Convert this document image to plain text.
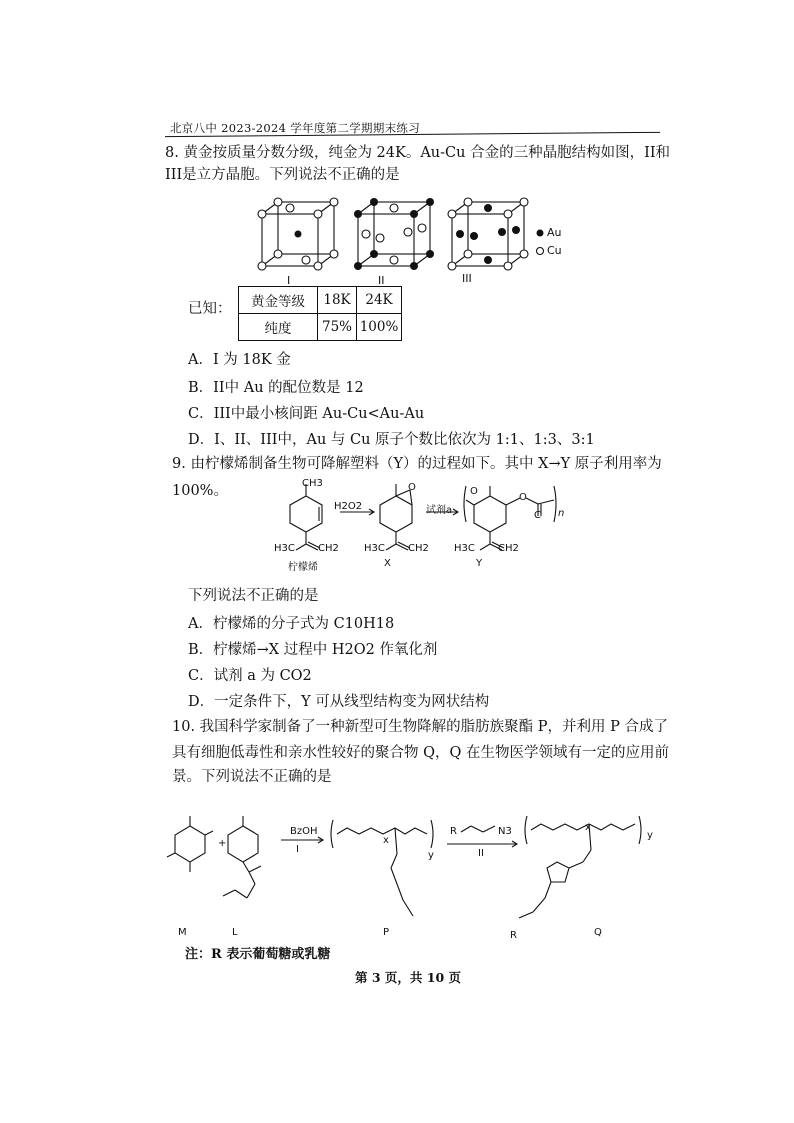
北京八中 2023-2024 学年度第二学期期末练习
8. 黄金按质量分数分级，纯金为 24K。Au-Cu 合金的三种晶胞结构如图，II和
III是立方晶胞。下列说法不正确的是
Au
Cu
I	II	III
已知： 黄金等级	18K	24K
纯度	75%	100%
A．I 为 18K 金
B．II中 Au 的配位数是 12
C．III中最小核间距 Au-Cu<Au-Au
D．I、II、III中，Au 与 Cu 原子个数比依次为 1:1、1:3、3:1
9. 由柠檬烯制备生物可降解塑料（Y）的过程如下。其中 X→Y 原子利用率为
100%。	CH3
H2O2
O
试剂a
O
O
C n
H3C CH2	H3C CH2	H3C CH2
柠檬烯	X	Y
下列说法不正确的是
A．柠檬烯的分子式为 C10H18
B．柠檬烯→X 过程中 H2O2 作氧化剂
C．试剂 a 为 CO2
D．一定条件下，Y 可从线型结构变为网状结构
10. 我国科学家制备了一种新型可生物降解的脂肪族聚酯 P，并利用 P 合成了
具有细胞低毒性和亲水性较好的聚合物 Q，Q 在生物医学领域有一定的应用前
景。下列说法不正确的是
+
BzOH
I
x
y
R	N3
II
x
y
R
M	L	P	Q
注：R 表示葡萄糖或乳糖
第 3 页，共 10 页
